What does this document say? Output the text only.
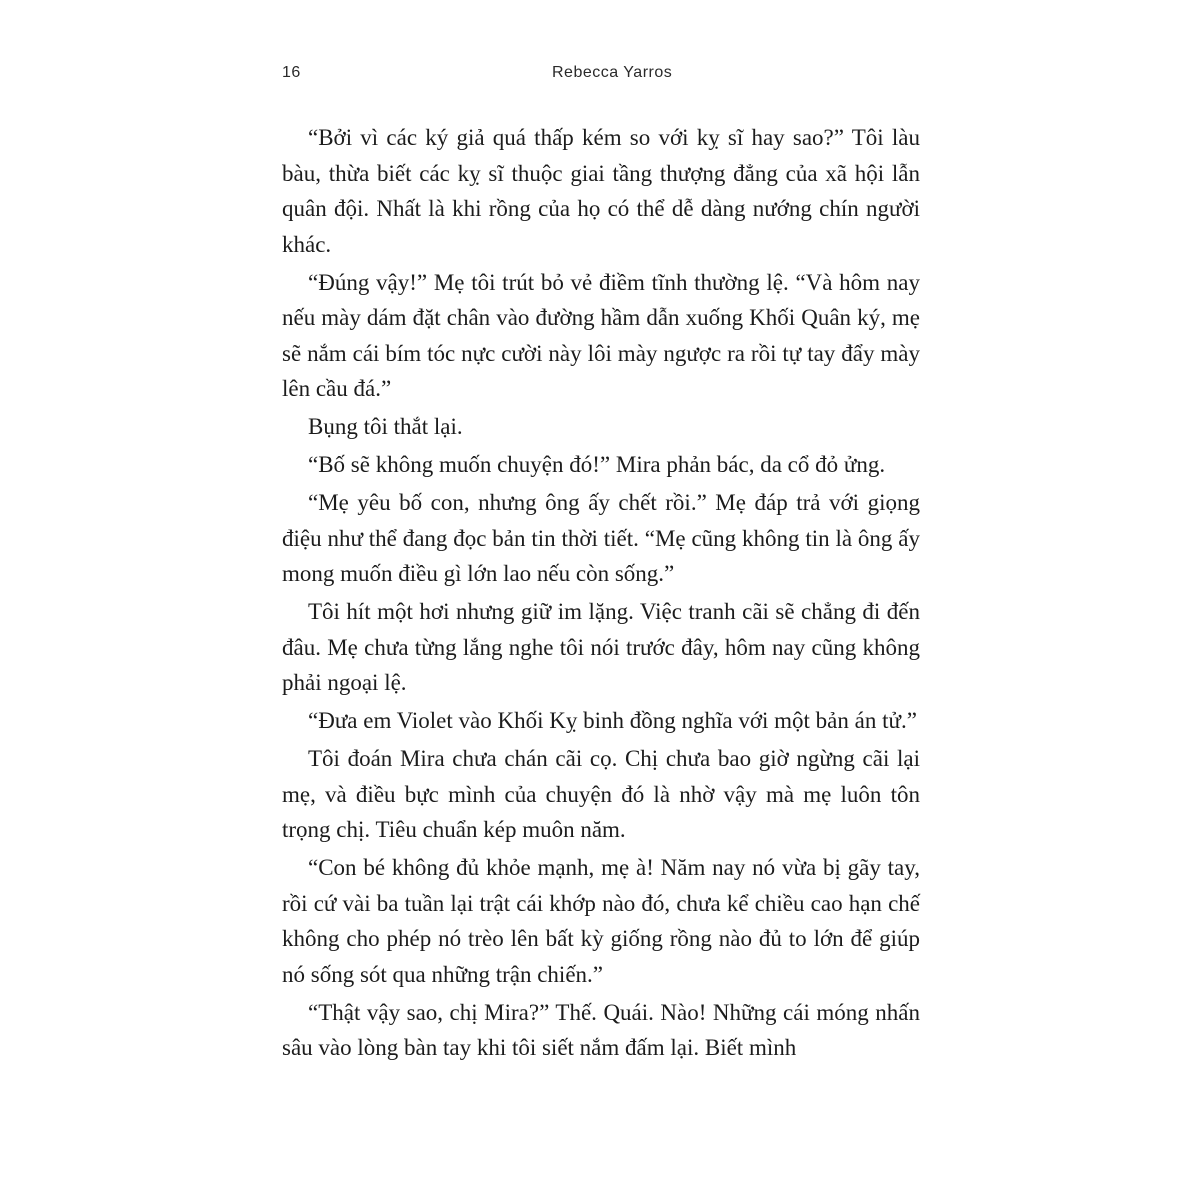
16	Rebecca Yarros

“Bởi vì các ký giả quá thấp kém so với kỵ sĩ hay sao?” Tôi làu bàu, thừa biết các kỵ sĩ thuộc giai tầng thượng đẳng của xã hội lẫn quân đội. Nhất là khi rồng của họ có thể dễ dàng nướng chín người khác.

“Đúng vậy!” Mẹ tôi trút bỏ vẻ điềm tĩnh thường lệ. “Và hôm nay nếu mày dám đặt chân vào đường hầm dẫn xuống Khối Quân ký, mẹ sẽ nắm cái bím tóc nực cười này lôi mày ngược ra rồi tự tay đẩy mày lên cầu đá.”

Bụng tôi thắt lại.

“Bố sẽ không muốn chuyện đó!” Mira phản bác, da cổ đỏ ửng.

“Mẹ yêu bố con, nhưng ông ấy chết rồi.” Mẹ đáp trả với giọng điệu như thể đang đọc bản tin thời tiết. “Mẹ cũng không tin là ông ấy mong muốn điều gì lớn lao nếu còn sống.”

Tôi hít một hơi nhưng giữ im lặng. Việc tranh cãi sẽ chẳng đi đến đâu. Mẹ chưa từng lắng nghe tôi nói trước đây, hôm nay cũng không phải ngoại lệ.

“Đưa em Violet vào Khối Kỵ binh đồng nghĩa với một bản án tử.”

Tôi đoán Mira chưa chán cãi cọ. Chị chưa bao giờ ngừng cãi lại mẹ, và điều bực mình của chuyện đó là nhờ vậy mà mẹ luôn tôn trọng chị. Tiêu chuẩn kép muôn năm.

“Con bé không đủ khỏe mạnh, mẹ à! Năm nay nó vừa bị gãy tay, rồi cứ vài ba tuần lại trật cái khớp nào đó, chưa kể chiều cao hạn chế không cho phép nó trèo lên bất kỳ giống rồng nào đủ to lớn để giúp nó sống sót qua những trận chiến.”

“Thật vậy sao, chị Mira?” Thế. Quái. Nào! Những cái móng nhấn sâu vào lòng bàn tay khi tôi siết nắm đấm lại. Biết mình
